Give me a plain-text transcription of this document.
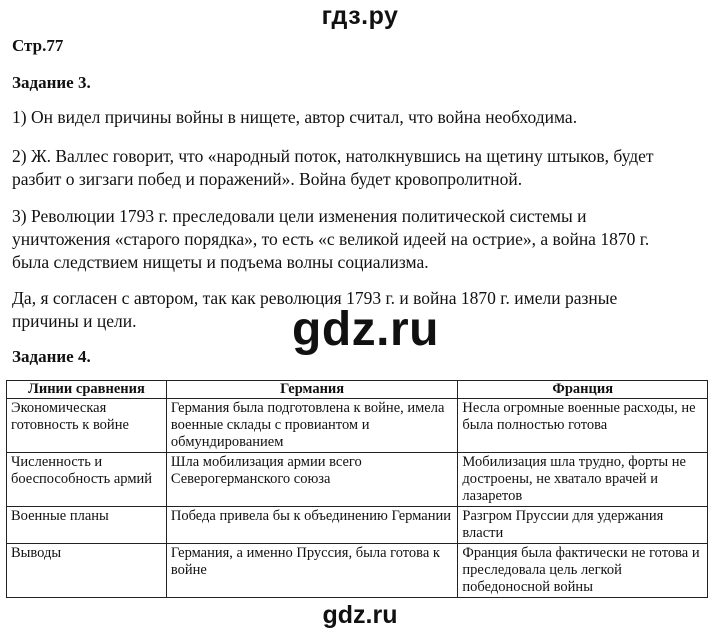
гдз.ру
Стр.77
Задание 3.

1) Он видел причины войны в нищете, автор считал, что война необходима.

2) Ж. Валлес говорит, что «народный поток, натолкнувшись на щетину штыков, будет

разбит о зигзаги побед и поражений». Война будет кровопролитной.

3) Революции 1793 г. преследовали цели изменения политической системы и

уничтожения «старого порядка», то есть «с великой идеей на острие», а война 1870 г.

была следствием нищеты и подъема волны социализма.

Да, я согласен с автором, так как революция 1793 г. и война 1870 г. имели разные

причины и цели.	gdz.ru
Задание 4.
Линии сравнения	Германия	Франция
Экономическая готовность к войне	Германия была подготовлена к войне, имела военные склады с провиантом и обмундированием	Несла огромные военные расходы, не была полностью готова
Численность и боеспособность армий	Шла мобилизация армии всего Северогерманского союза	Мобилизация шла трудно, форты не достроены, не хватало врачей и лазаретов
Военные планы	Победа привела бы к объединению Германии	Разгром Пруссии для удержания власти
Выводы	Германия, а именно Пруссия, была готова к войне	Франция была фактически не готова и преследовала цель легкой победоносной войны
gdz.ru
